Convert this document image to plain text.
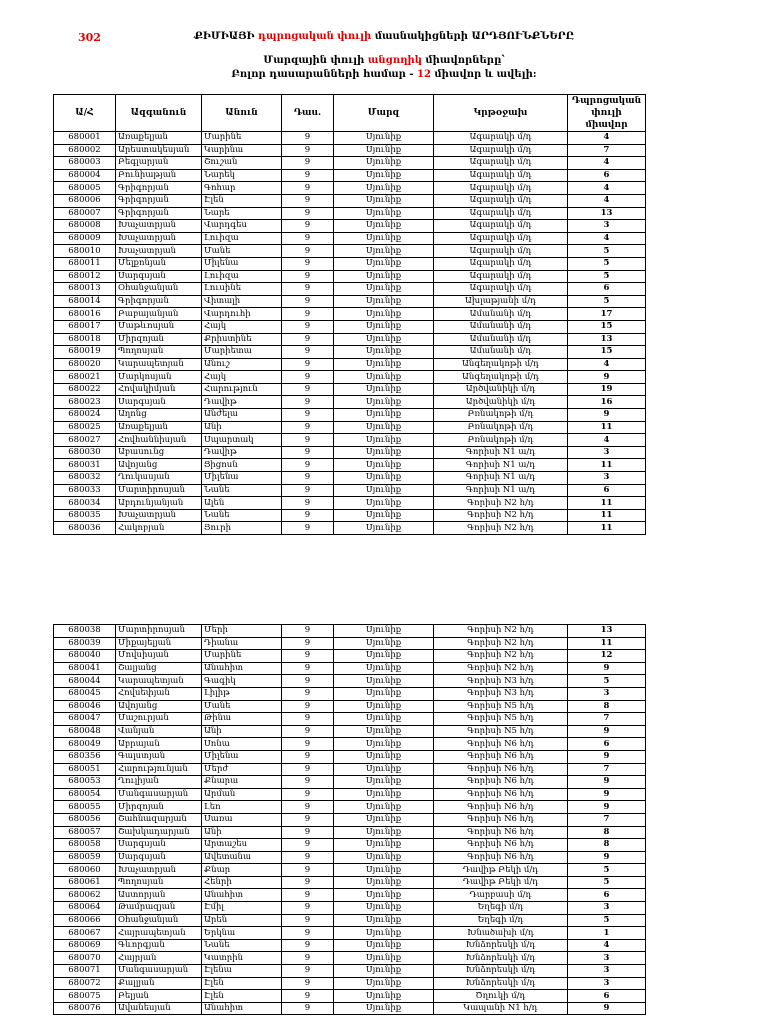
302	ՔԻՄԻԱՅԻ դպրոցական փուլի մասնակիցների ԱՐԴՅՈՒՆՔՆԵՐԸ
Մարզային փուլի անցողիկ միավորները՝
Բոլոր դասարանների համար - 12 միավոր և ավելի:
Ա/Հ	Ազգանուն	Անուն	Դաս.	Մարզ	Կրթօջախ	Դպրոցական փուլի միավոր
680001	Առաքելյան	Մարինե	9	Սյունիք	Ագարակի մ/դ	4
680002	Արեստակեսյան	Կարինա	9	Սյունիք	Ագարակի մ/դ	7
680003	Բեգլարյան	Շուշան	9	Սյունիք	Ագարակի մ/դ	4
680004	Բունիաթյան	Նարեկ	9	Սյունիք	Ագարակի մ/դ	6
680005	Գրիգորյան	Գոհար	9	Սյունիք	Ագարակի մ/դ	4
680006	Գրիգորյան	Էլեն	9	Սյունիք	Ագարակի մ/դ	4
680007	Գրիգորյան	Նարե	9	Սյունիք	Ագարակի մ/դ	13
680008	Խաչատրյան	Վարդգես	9	Սյունիք	Ագարակի մ/դ	3
680009	Խաչատրյան	Լուիզա	9	Սյունիք	Ագարակի մ/դ	4
680010	Խաչատրյան	Մանե	9	Սյունիք	Ագարակի մ/դ	5
680011	Մելքոնյան	Միլենա	9	Սյունիք	Ագարակի մ/դ	5
680012	Սարգսյան	Լուիզա	9	Սյունիք	Ագարակի մ/դ	5
680013	Օհանջանյան	Լուսինե	9	Սյունիք	Ագարակի մ/դ	6
680014	Գրիգորյան	Վիտալի	9	Սյունիք	Ախլաթյանի մ/դ	5
680016	Բաբայանյան	Վարդուհի	9	Սյունիք	Ամանանի մ/դ	17
680017	Մաթևոսյան	Հայկ	9	Սյունիք	Ամանանի մ/դ	15
680018	Միրզոյան	Քրիստինե	9	Սյունիք	Ամանանի մ/դ	13
680019	Պողոսյան	Մարիետա	9	Սյունիք	Ամանանի մ/դ	15
680020	Կարապետյան	Անուշ	9	Սյունիք	Անգեղակոթի մ/դ	4
680021	Մարկոսյան	Հայկ	9	Սյունիք	Անգեղակոթի մ/դ	9
680022	Հովակիմյան	Հարություն	9	Սյունիք	Արծվանիկի մ/դ	19
680023	Սարգսյան	Դավիթ	9	Սյունիք	Արծվանիկի մ/դ	16
680024	Աղոնց	Անժելա	9	Սյունիք	Բռնակոթի մ/դ	9
680025	Առաքելյան	Անի	9	Սյունիք	Բռնակոթի մ/դ	11
680027	Հովհաննիսյան	Սպարտակ	9	Սյունիք	Բռնակոթի մ/դ	4
680030	Աբասունց	Դավիթ	9	Սյունիք	Գորիսի N1 ա/դ	3
680031	Ավոյանց	Ցիցոսն	9	Սյունիք	Գորիսի N1 ա/դ	11
680032	Ղուկասյան	Միլենա	9	Սյունիք	Գորիսի N1 ա/դ	3
680033	Մարտիրոսյան	Նանե	9	Սյունիք	Գորիսի N1 ա/դ	6
680034	Աբդունյանյան	Ալեն	9	Սյունիք	Գորիսի N2 հ/դ	11
680035	Խաչատրյան	Նանե	9	Սյունիք	Գորիսի N2 հ/դ	11
680036	Հակոբյան	Յուրի	9	Սյունիք	Գորիսի N2 հ/դ	11
680038	Մարտիրոսյան	Մերի	9	Սյունիք	Գորիսի N2 հ/դ	13
680039	Միքայելյան	Դիանա	9	Սյունիք	Գորիսի N2 հ/դ	11
680040	Մովսիսյան	Մարինե	9	Սյունիք	Գորիսի N2 հ/դ	12
680041	Շալյանց	Անահիտ	9	Սյունիք	Գորիսի N2 հ/դ	9
680044	Կարապետյան	Գագիկ	9	Սյունիք	Գորիսի N3 հ/դ	5
680045	Հովսեփյան	Լիլիթ	9	Սյունիք	Գորիսի N3 հ/դ	3
680046	Ավոյանց	Մանե	9	Սյունիք	Գորիսի N5 հ/դ	8
680047	Մաշուրյան	Թինա	9	Սյունիք	Գորիսի N5 հ/դ	7
680048	Վանյան	Անի	9	Սյունիք	Գորիսի N5 հ/դ	9
680049	Աբրայան	Սոնա	9	Սյունիք	Գորիսի N6 հ/դ	6
680356	Գալստյան	Միլենա	9	Սյունիք	Գորիսի N6 հ/դ	9
680051	Հարությունյան	Մերժ	9	Սյունիք	Գորիսի N6 հ/դ	7
680053	Ղուլիյան	Քնարա	9	Սյունիք	Գորիսի N6 հ/դ	9
680054	Մանգասարյան	Արման	9	Սյունիք	Գորիսի N6 հ/դ	9
680055	Միրզոյան	Լեո	9	Սյունիք	Գորիսի N6 հ/դ	9
680056	Շահնազարյան	Սառա	9	Սյունիք	Գորիսի N6 հ/դ	7
680057	Շախկադարյան	Անի	9	Սյունիք	Գորիսի N6 հ/դ	8
680058	Սարգսյան	Արտաշես	9	Սյունիք	Գորիսի N6 հ/դ	8
680059	Սարգսյան	Ավետանա	9	Սյունիք	Գորիսի N6 հ/դ	9
680060	Խաչատրյան	Քնար	9	Սյունիք	Դավիթ Բեկի մ/դ	5
680061	Պողոսյան	Հենրի	9	Սյունիք	Դավիթ Բեկի մ/դ	5
680062	Աստորյան	Անահիտ	9	Սյունիք	Դարբասի մ/դ	6
680064	Թամրազյան	Էմիլ	9	Սյունիք	Եղեգի մ/դ	3
680066	Օհանջանյան	Արեն	9	Սյունիք	Եղեգի մ/դ	5
680067	Հայրապետյան	Երկնա	9	Սյունիք	Խնածախի մ/դ	1
680069	Գևորգյան	Նանե	9	Սյունիք	Խնձորեսկի մ/դ	4
680070	Հայրյան	Կատրին	9	Սյունիք	Խնձորեսկի մ/դ	3
680071	Մանգասարյան	Էլենա	9	Սյունիք	Խնձորեսկի մ/դ	3
680072	Քալլյան	Էլեն	9	Սյունիք	Խնձորեսկի մ/դ	3
680075	Բելյան	Էլեն	9	Սյունիք	Ծղուկի մ/դ	6
680076	Ավանեսյան	Անահիտ	9	Սյունիք	Կապանի N1 հ/դ	9
